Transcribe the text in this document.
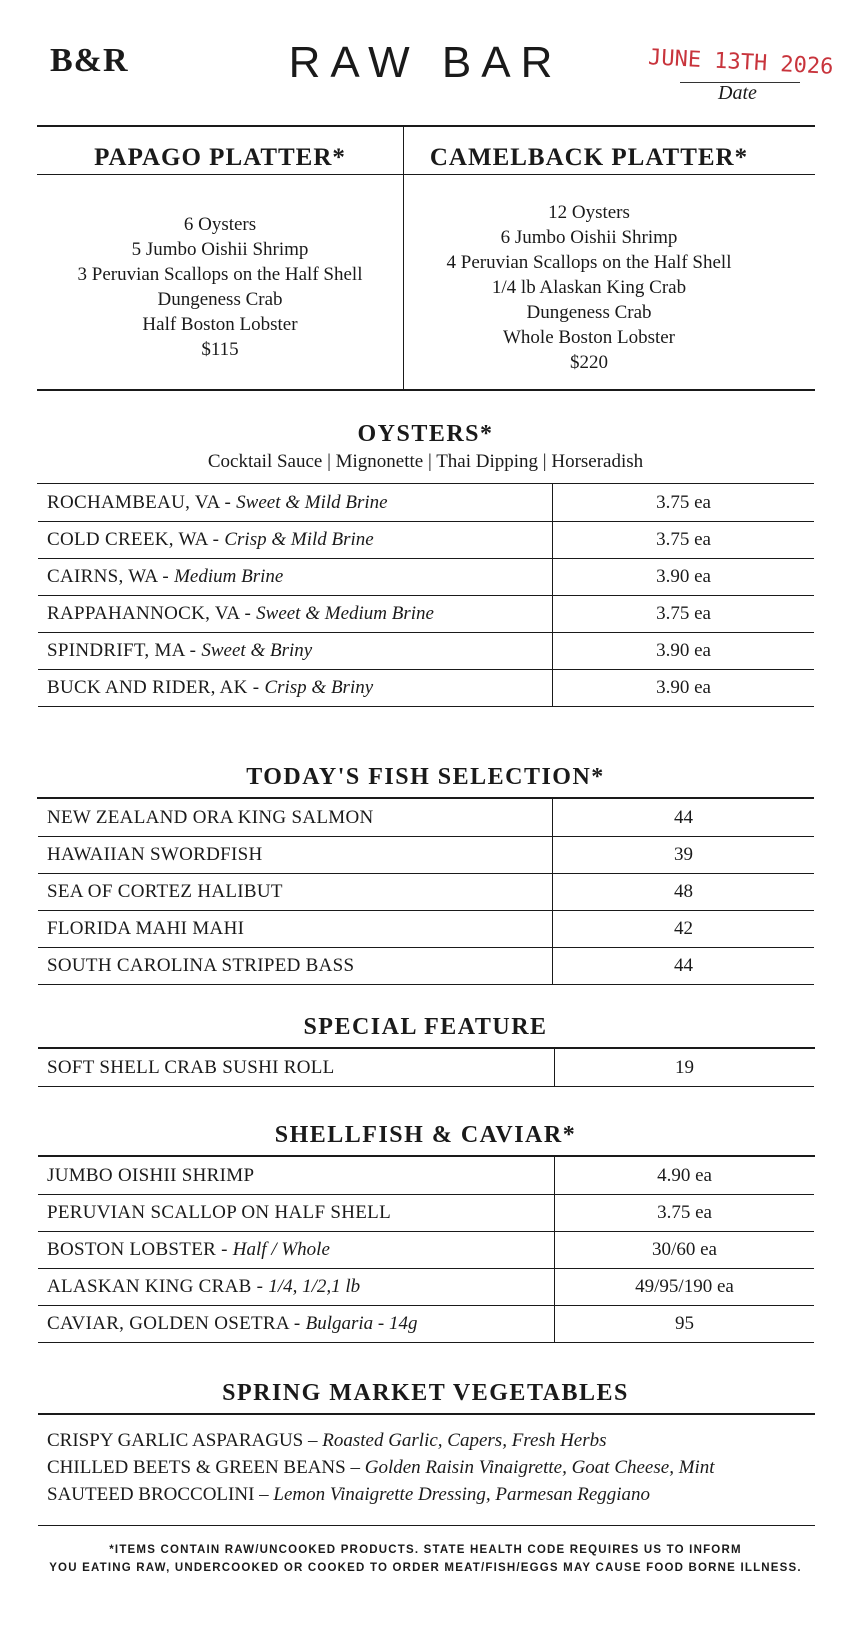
B&R	RAW BAR	JUNE 13TH 2026
Date
PAPAGO PLATTER*	CAMELBACK PLATTER*
6 Oysters
5 Jumbo Oishii Shrimp
3 Peruvian Scallops on the Half Shell
Dungeness Crab
Half Boston Lobster
$115
12 Oysters
6 Jumbo Oishii Shrimp
4 Peruvian Scallops on the Half Shell
1/4 lb Alaskan King Crab
Dungeness Crab
Whole Boston Lobster
$220
OYSTERS*
Cocktail Sauce | Mignonette | Thai Dipping | Horseradish
ROCHAMBEAU, VA - Sweet & Mild Brine	3.75 ea
COLD CREEK, WA - Crisp & Mild Brine	3.75 ea
CAIRNS, WA - Medium Brine	3.90 ea
RAPPAHANNOCK, VA - Sweet & Medium Brine	3.75 ea
SPINDRIFT, MA - Sweet & Briny	3.90 ea
BUCK AND RIDER, AK - Crisp & Briny	3.90 ea
TODAY'S FISH SELECTION*
NEW ZEALAND ORA KING SALMON	44
HAWAIIAN SWORDFISH	39
SEA OF CORTEZ HALIBUT	48
FLORIDA MAHI MAHI	42
SOUTH CAROLINA STRIPED BASS	44
SPECIAL FEATURE
SOFT SHELL CRAB SUSHI ROLL	19
SHELLFISH & CAVIAR*
JUMBO OISHII SHRIMP	4.90 ea
PERUVIAN SCALLOP ON HALF SHELL	3.75 ea
BOSTON LOBSTER - Half / Whole	30/60 ea
ALASKAN KING CRAB - 1/4, 1/2,1 lb	49/95/190 ea
CAVIAR, GOLDEN OSETRA - Bulgaria - 14g	95
SPRING MARKET VEGETABLES
CRISPY GARLIC ASPARAGUS – Roasted Garlic, Capers, Fresh Herbs
CHILLED BEETS & GREEN BEANS – Golden Raisin Vinaigrette, Goat Cheese, Mint
SAUTEED BROCCOLINI – Lemon Vinaigrette Dressing, Parmesan Reggiano
*ITEMS CONTAIN RAW/UNCOOKED PRODUCTS. STATE HEALTH CODE REQUIRES US TO INFORM
YOU EATING RAW, UNDERCOOKED OR COOKED TO ORDER MEAT/FISH/EGGS MAY CAUSE FOOD BORNE ILLNESS.
